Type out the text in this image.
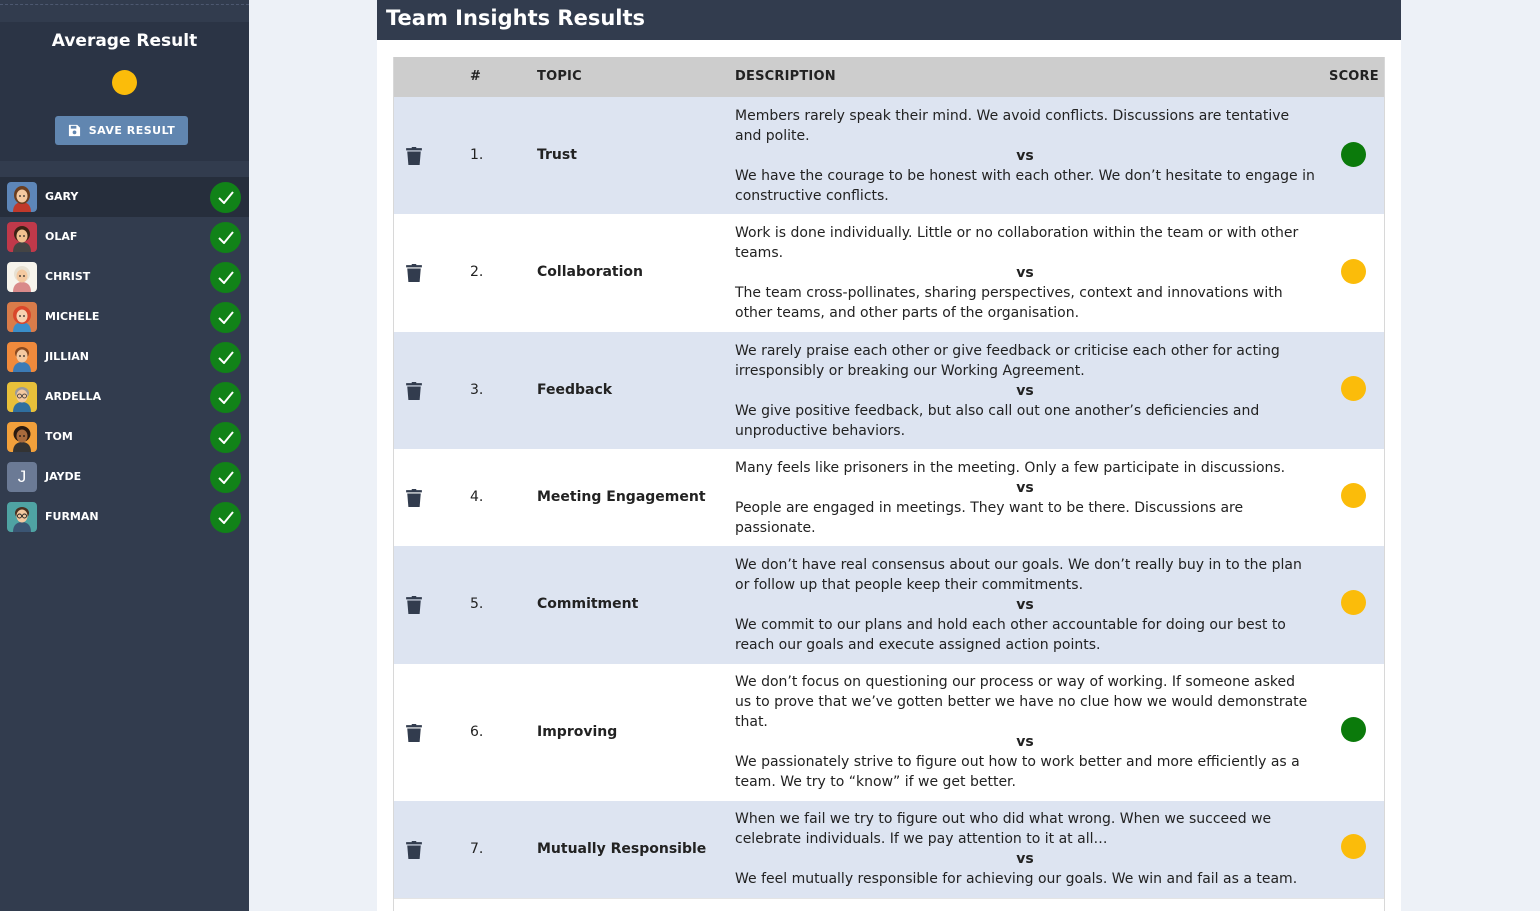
Average Result
SAVE RESULT
GARY
OLAF
CHRIST
MICHELE
JILLIAN
ARDELLA
TOM
J JAYDE
FURMAN
Team Insights Results
#	TOPIC	DESCRIPTION	SCORE
1.	Trust
Members rarely speak their mind. We avoid conflicts. Discussions are tentative and polite.
vs
We have the courage to be honest with each other. We don’t hesitate to engage in constructive conflicts.
2.	Collaboration
Work is done individually. Little or no collaboration within the team or with other teams.
vs
The team cross-pollinates, sharing perspectives, context and innovations with other teams, and other parts of the organisation.
3.	Feedback
We rarely praise each other or give feedback or criticise each other for acting irresponsibly or breaking our Working Agreement.
vs
We give positive feedback, but also call out one another’s deficiencies and unproductive behaviors.
4.	Meeting Engagement
Many feels like prisoners in the meeting. Only a few participate in discussions.
vs
People are engaged in meetings. They want to be there. Discussions are passionate.
5.	Commitment
We don’t have real consensus about our goals. We don’t really buy in to the plan or follow up that people keep their commitments.
vs
We commit to our plans and hold each other accountable for doing our best to reach our goals and execute assigned action points.
6.	Improving
We don’t focus on questioning our process or way of working. If someone asked us to prove that we’ve gotten better we have no clue how we would demonstrate that.
vs
We passionately strive to figure out how to work better and more efficiently as a team. We try to “know” if we get better.
7.	Mutually Responsible
When we fail we try to figure out who did what wrong. When we succeed we celebrate individuals. If we pay attention to it at all…
vs
We feel mutually responsible for achieving our goals. We win and fail as a team.
